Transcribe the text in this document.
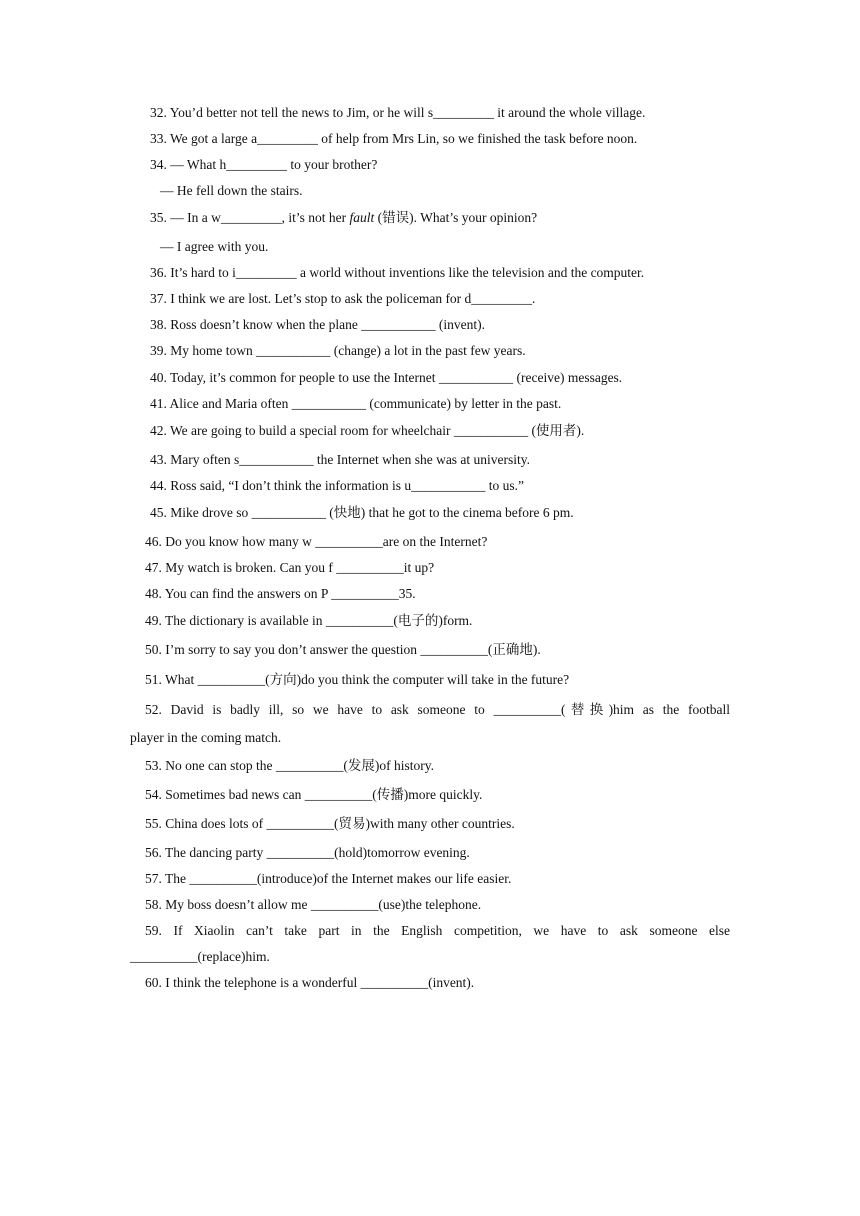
32. You’d better not tell the news to Jim, or he will s_________ it around the whole village.
33. We got a large a_________ of help from Mrs Lin, so we finished the task before noon.
34. — What h_________ to your brother?
— He fell down the stairs.
35. — In a w_________, it’s not her fault (错误). What’s your opinion?
— I agree with you.
36. It’s hard to i_________ a world without inventions like the television and the computer.
37. I think we are lost. Let’s stop to ask the policeman for d_________.
38. Ross doesn’t know when the plane ___________ (invent).
39. My home town ___________ (change) a lot in the past few years.
40. Today, it’s common for people to use the Internet ___________ (receive) messages.
41. Alice and Maria often ___________ (communicate) by letter in the past.
42. We are going to build a special room for wheelchair ___________ (使用者).
43. Mary often s___________ the Internet when she was at university.
44. Ross said, “I don’t think the information is u___________ to us.”
45. Mike drove so ___________ (快地) that he got to the cinema before 6 pm.
46. Do you know how many w __________are on the Internet?
47. My watch is broken. Can you f __________it up?
48. You can find the answers on P __________35.
49. The dictionary is available in __________(电子的)form.
50. I’m sorry to say you don’t answer the question __________(正确地).
51. What __________(方向)do you think the computer will take in the future?
52. David is badly ill, so we have to ask someone to __________(替换)him as the football
player in the coming match.
53. No one can stop the __________(发展)of history.
54. Sometimes bad news can __________(传播)more quickly.
55. China does lots of __________(贸易)with many other countries.
56. The dancing party __________(hold)tomorrow evening.
57. The __________(introduce)of the Internet makes our life easier.
58. My boss doesn’t allow me __________(use)the telephone.
59. If Xiaolin can’t take part in the English competition, we have to ask someone else
__________(replace)him.
60. I think the telephone is a wonderful __________(invent).
